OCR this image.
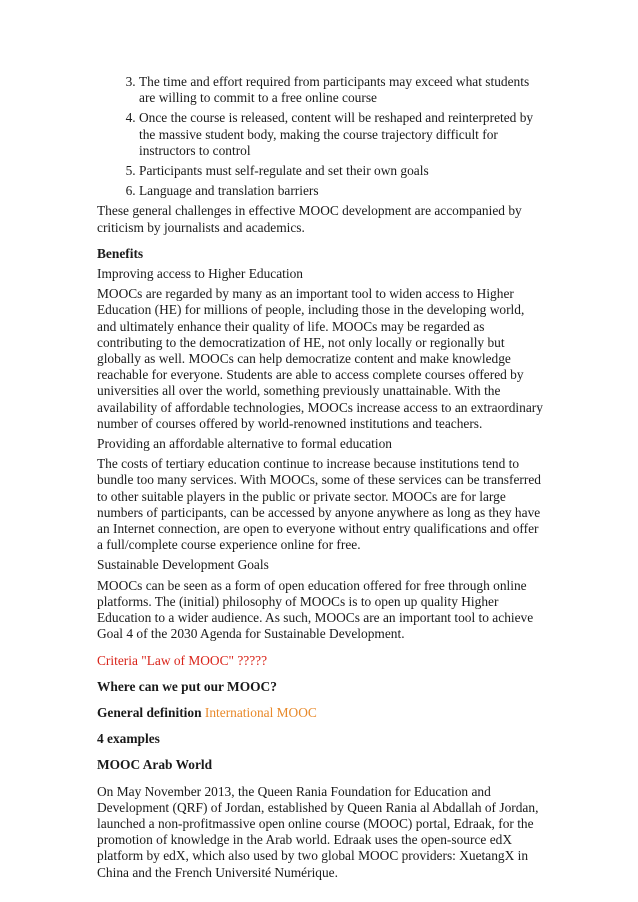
3. The time and effort required from participants may exceed what students are willing to commit to a free online course
4. Once the course is released, content will be reshaped and reinterpreted by the massive student body, making the course trajectory difficult for instructors to control
5. Participants must self-regulate and set their own goals
6. Language and translation barriers

These general challenges in effective MOOC development are accompanied by criticism by journalists and academics.

Benefits

Improving access to Higher Education

MOOCs are regarded by many as an important tool to widen access to Higher Education (HE) for millions of people, including those in the developing world, and ultimately enhance their quality of life. MOOCs may be regarded as contributing to the democratization of HE, not only locally or regionally but globally as well. MOOCs can help democratize content and make knowledge reachable for everyone. Students are able to access complete courses offered by universities all over the world, something previously unattainable. With the availability of affordable technologies, MOOCs increase access to an extraordinary number of courses offered by world-renowned institutions and teachers.

Providing an affordable alternative to formal education

The costs of tertiary education continue to increase because institutions tend to bundle too many services. With MOOCs, some of these services can be transferred to other suitable players in the public or private sector. MOOCs are for large numbers of participants, can be accessed by anyone anywhere as long as they have an Internet connection, are open to everyone without entry qualifications and offer a full/complete course experience online for free.

Sustainable Development Goals

MOOCs can be seen as a form of open education offered for free through online platforms. The (initial) philosophy of MOOCs is to open up quality Higher Education to a wider audience. As such, MOOCs are an important tool to achieve Goal 4 of the 2030 Agenda for Sustainable Development.

Criteria "Law of MOOC" ?????

Where can we put our MOOC?

General definition International MOOC

4 examples

MOOC Arab World

On May November 2013, the Queen Rania Foundation for Education and Development (QRF) of Jordan, established by Queen Rania al Abdallah of Jordan, launched a non-profitmassive open online course (MOOC) portal, Edraak, for the promotion of knowledge in the Arab world. Edraak uses the open-source edX platform by edX, which also used by two global MOOC providers: XuetangX in China and the French Université Numérique.
